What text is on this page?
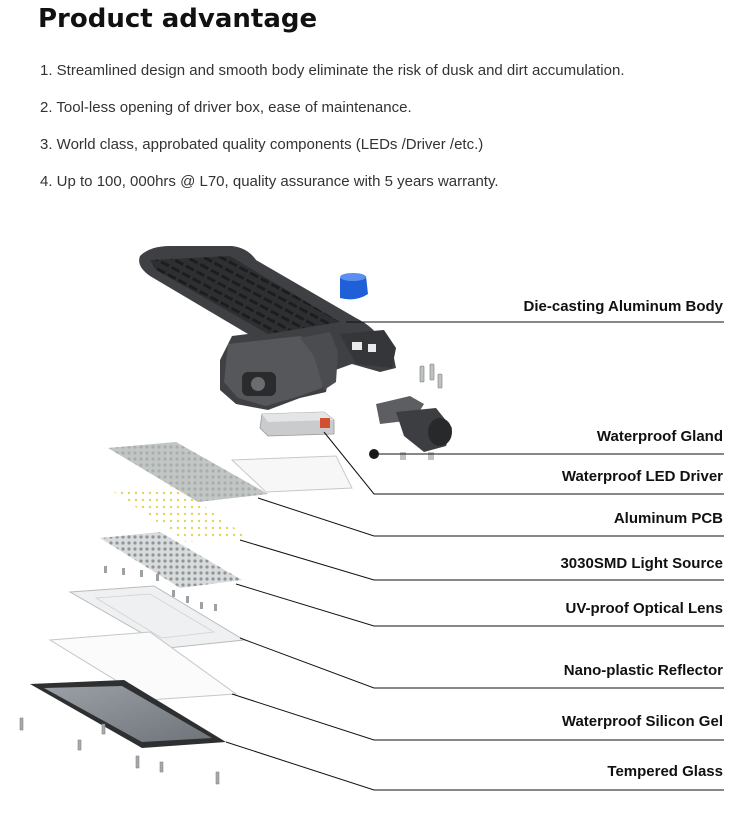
Product advantage
1. Streamlined design and smooth body eliminate the risk of dusk and dirt accumulation.
2. Tool-less opening of driver box, ease of maintenance.
3. World class, approbated quality components (LEDs /Driver /etc.)
4. Up to 100, 000hrs @ L70, quality assurance with 5 years warranty.
Die-casting Aluminum Body
Waterproof Gland
Waterproof LED Driver
Aluminum PCB
3030SMD Light Source
UV-proof Optical Lens
Nano-plastic Reflector
Waterproof Silicon Gel
Tempered Glass
